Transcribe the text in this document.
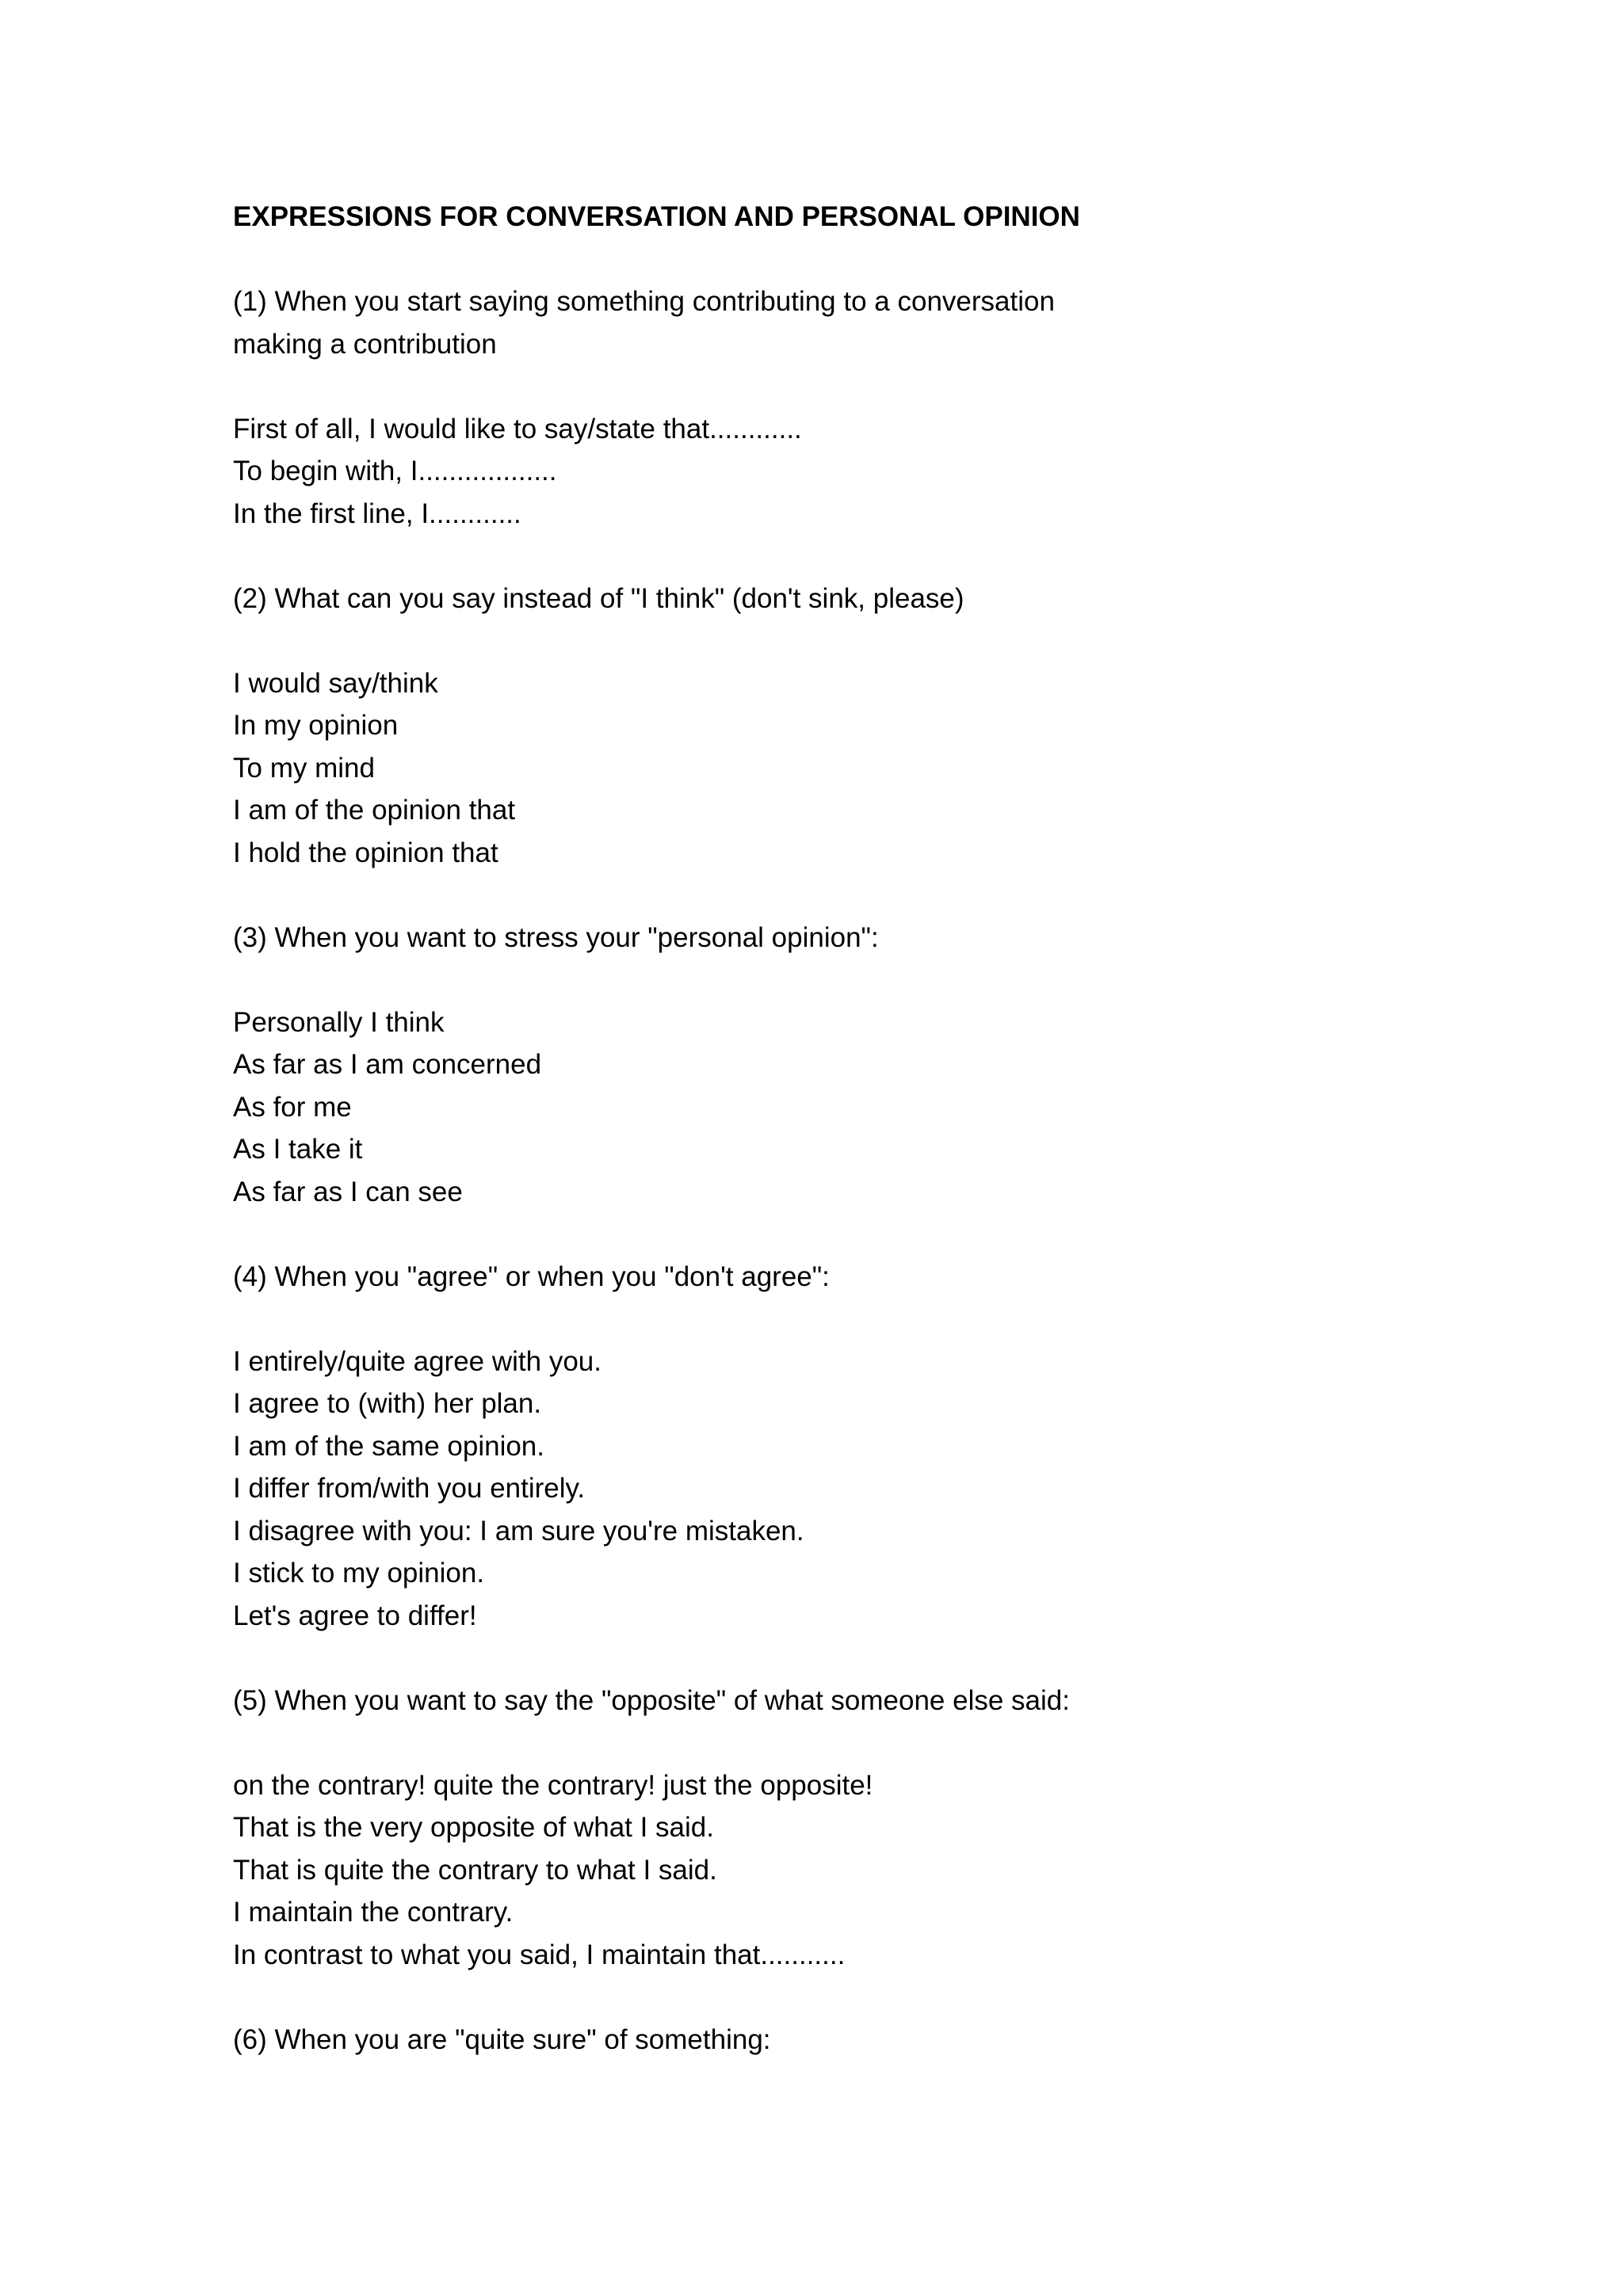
EXPRESSIONS FOR CONVERSATION AND PERSONAL OPINION

(1) When you start saying something contributing to a conversation

making a contribution

First of all, I would like to say/state that............

To begin with, I..................

In the first line, I............

(2) What can you say instead of "I think" (don't sink, please)

I would say/think

In my opinion

To my mind

I am of the opinion that

I hold the opinion that

(3) When you want to stress your "personal opinion":

Personally I think

As far as I am concerned

As for me

As I take it

As far as I can see

(4) When you "agree" or when you "don't agree":

I entirely/quite agree with you.

I agree to (with) her plan.

I am of the same opinion.

I differ from/with you entirely.

I disagree with you: I am sure you're mistaken.

I stick to my opinion.

Let's agree to differ!

(5) When you want to say the "opposite" of what someone else said:

on the contrary! quite the contrary! just the opposite!

That is the very opposite of what I said.

That is quite the contrary to what I said.

I maintain the contrary.

In contrast to what you said, I maintain that...........

(6) When you are "quite sure" of something:
